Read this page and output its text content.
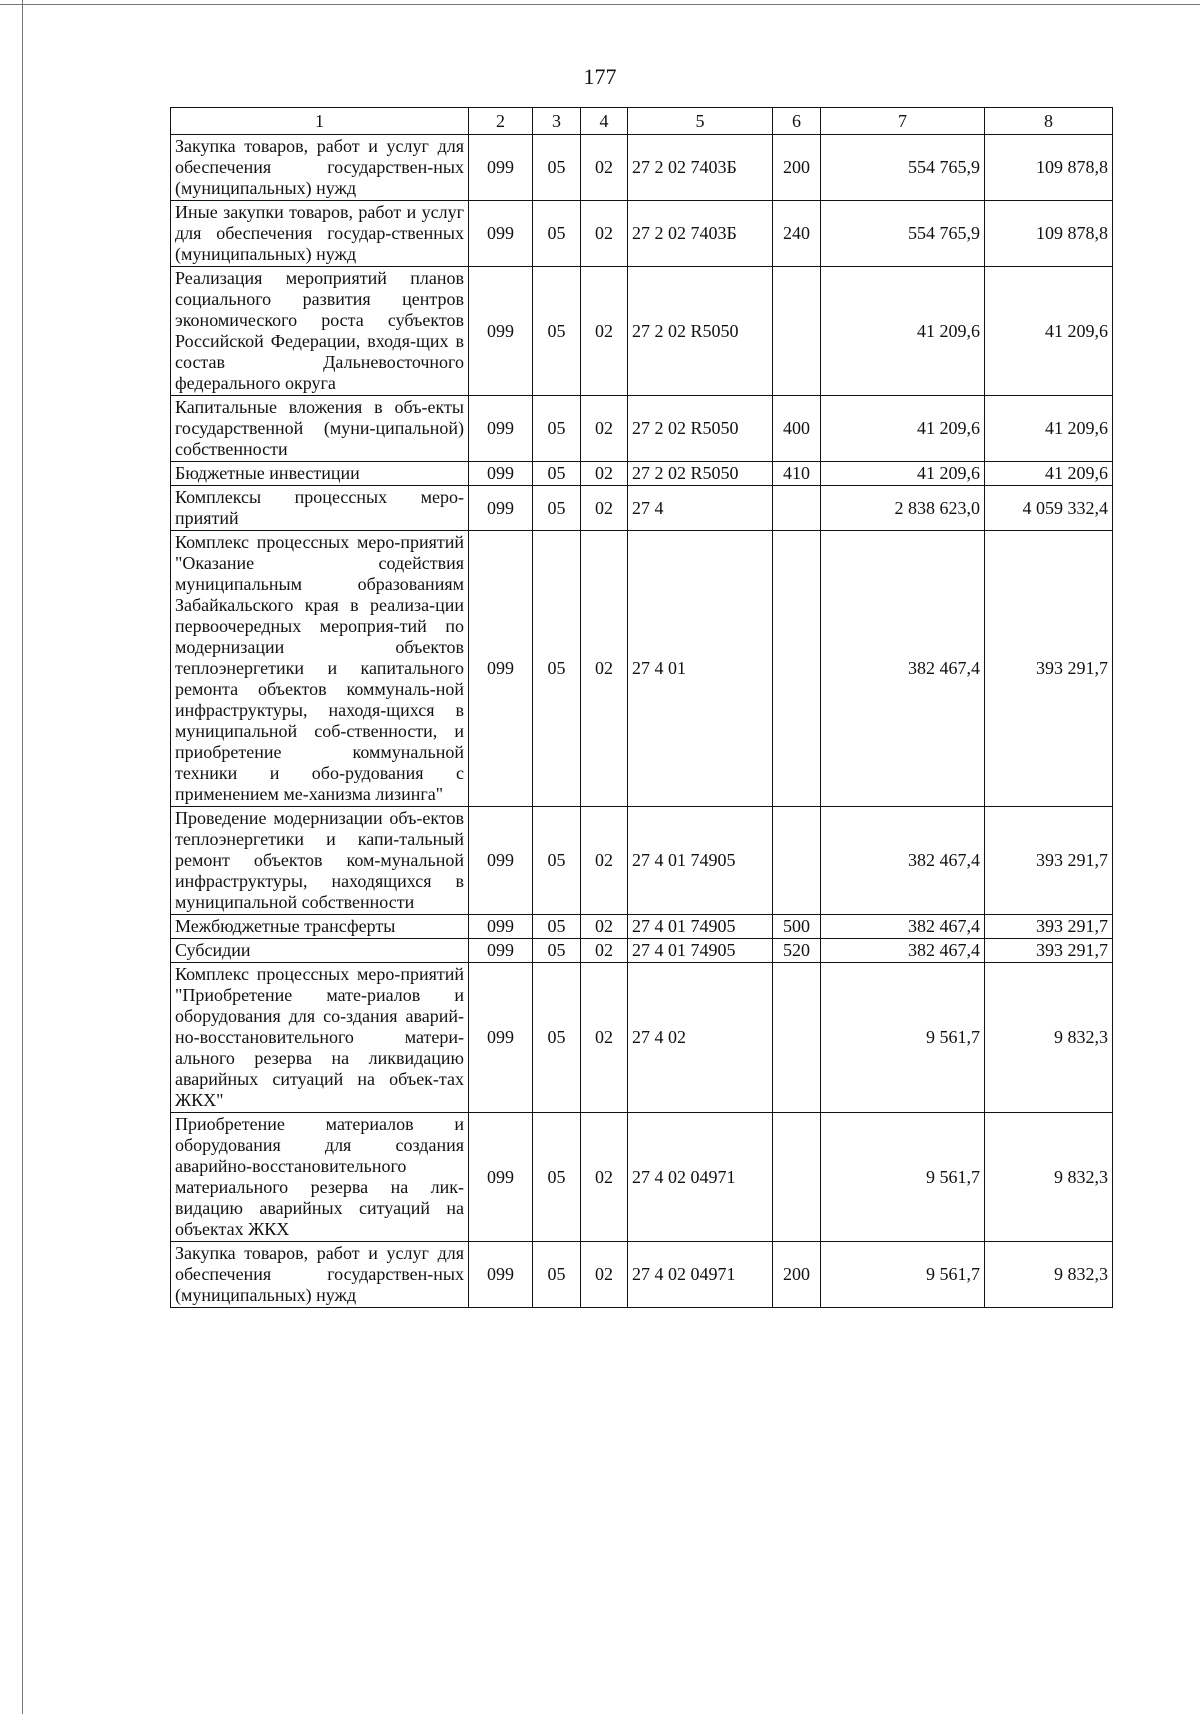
177
1	2	3	4	5	6	7	8
Закупка товаров, работ и услуг для обеспечения государствен-ных (муниципальных) нужд	099	05	02	27 2 02 7403Б	200	554 765,9	109 878,8
Иные закупки товаров, работ и услуг для обеспечения государ-ственных (муниципальных) нужд	099	05	02	27 2 02 7403Б	240	554 765,9	109 878,8
Реализация мероприятий планов социального развития центров экономического роста субъектов Российской Федерации, входя-щих в состав Дальневосточного федерального округа	099	05	02	27 2 02 R5050		41 209,6	41 209,6
Капитальные вложения в объ-екты государственной (муни-ципальной) собственности	099	05	02	27 2 02 R5050	400	41 209,6	41 209,6
Бюджетные инвестиции	099	05	02	27 2 02 R5050	410	41 209,6	41 209,6
Комплексы процессных меро-приятий	099	05	02	27 4		2 838 623,0	4 059 332,4
Комплекс процессных меро-приятий "Оказание содействия муниципальным образованиям Забайкальского края в реализа-ции первоочередных мероприя-тий по модернизации объектов теплоэнергетики и капитального ремонта объектов коммуналь-ной инфраструктуры, находя-щихся в муниципальной соб-ственности, и приобретение коммунальной техники и обо-рудования с применением ме-ханизма лизинга"	099	05	02	27 4 01		382 467,4	393 291,7
Проведение модернизации объ-ектов теплоэнергетики и капи-тальный ремонт объектов ком-мунальной инфраструктуры, находящихся в муниципальной собственности	099	05	02	27 4 01 74905		382 467,4	393 291,7
Межбюджетные трансферты	099	05	02	27 4 01 74905	500	382 467,4	393 291,7
Субсидии	099	05	02	27 4 01 74905	520	382 467,4	393 291,7
Комплекс процессных меро-приятий "Приобретение мате-риалов и оборудования для со-здания аварий-но-восстановительного матери-ального резерва на ликвидацию аварийных ситуаций на объек-тах ЖКХ"	099	05	02	27 4 02		9 561,7	9 832,3
Приобретение материалов и оборудования для создания аварийно-восстановительного материального резерва на лик-видацию аварийных ситуаций на объектах ЖКХ	099	05	02	27 4 02 04971		9 561,7	9 832,3
Закупка товаров, работ и услуг для обеспечения государствен-ных (муниципальных) нужд	099	05	02	27 4 02 04971	200	9 561,7	9 832,3
